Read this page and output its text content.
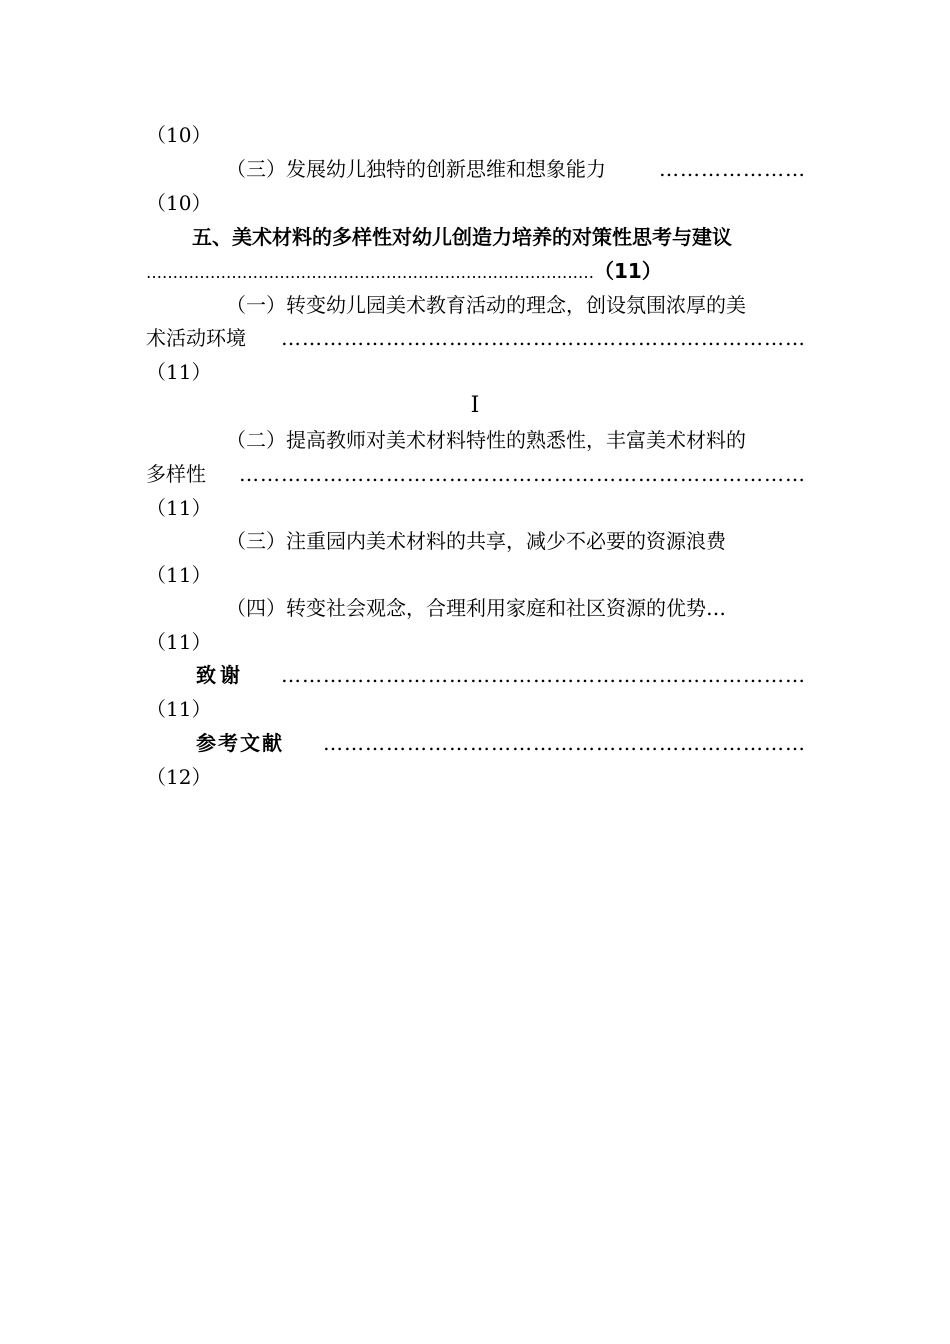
（10）
（三）发展幼儿独特的创新思维和想象能力	…………………
（10）
五、美术材料的多样性对幼儿创造力培养的对策性思考与建议
…………………………………………………………………………（11）
（一）转变幼儿园美术教育活动的理念，创设氛围浓厚的美
术活动环境 …………………………………………………………………
（11）
I
（二）提高教师对美术材料特性的熟悉性，丰富美术材料的
多样性 ………………………………………………………………………
（11）
（三）注重园内美术材料的共享，减少不必要的资源浪费
（11）
（四）转变社会观念，合理利用家庭和社区资源的优势…
（11）
致谢 …………………………………………………………………
（11）
参考文献 ……………………………………………………………
（12）
